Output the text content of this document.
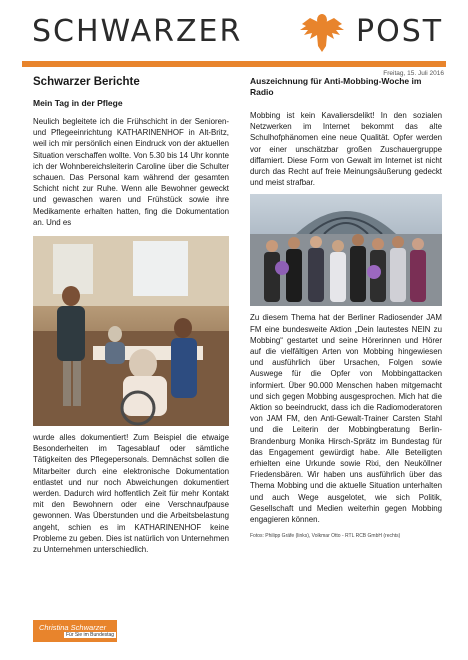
SCHWARZER	POST
Freitag, 15. Juli 2016
Schwarzer Berichte
Mein Tag in der Pflege

Neulich begleitete ich die Frühschicht in der Senioren- und Pflegeeinrichtung KATHARINENHOF in Alt-Britz, weil ich mir persönlich einen Eindruck von der aktuellen Situation verschaffen wollte. Von 5.30 bis 14 Uhr konnte ich der Wohnbereichsleiterin Caroline über die Schulter schauen. Das Personal kam während der gesamten Schicht nicht zur Ruhe. Wenn alle Bewohner geweckt und gewaschen waren und Frühstück sowie ihre Medikamente erhalten hatten, fing die Dokumentation an. Und es

wurde alles dokumentiert! Zum Beispiel die etwaige Besonderheiten im Tagesablauf oder sämtliche Tätigkeiten des Pflegepersonals. Demnächst sollen die Mitarbeiter durch eine elektronische Dokumentation entlastet und nur noch Abweichungen dokumentiert werden. Dadurch wird hoffentlich Zeit für mehr Kontakt mit den Bewohnern oder eine Verschnaufpause gewonnen. Was Überstunden und die Arbeitsbelastung angeht, schien es im KATHARINENHOF keine Probleme zu geben. Dies ist natürlich von Unternehmen zu Unternehmen unterschiedlich.

Auszeichnung für Anti-Mobbing-Woche im Radio

Mobbing ist kein Kavaliersdelikt! In den sozialen Netzwerken im Internet bekommt das alte Schulhofphänomen eine neue Qualität. Opfer werden vor einer unschätzbar großen Zuschauergruppe diffamiert. Diese Form von Gewalt im Internet ist nicht durch das Recht auf freie Meinungsäußerung gedeckt und meist strafbar.

Zu diesem Thema hat der Berliner Radiosender JAM FM eine bundesweite Aktion „Dein lautestes NEIN zu Mobbing“ gestartet und seine Hörerinnen und Hörer auf die vielfältigen Arten von Mobbing hingewiesen und ausführlich über Ursachen, Folgen sowie Auswege für die Opfer von Mobbingattacken informiert. Über 90.000 Menschen haben mitgemacht und sich gegen Mobbing ausgesprochen. Mich hat die Aktion so beeindruckt, dass ich die Radiomoderatoren von JAM FM, den Anti-Gewalt-Trainer Carsten Stahl und die Leiterin der Mobbingberatung Berlin-Brandenburg Monika Hirsch-Sprätz im Bundestag für das Engagement gewürdigt habe. Alle Beteiligten erhielten eine Urkunde sowie Rixi, den Neuköllner Friedensbären. Wir haben uns ausführlich über das Thema Mobbing und die aktuelle Situation unterhalten und auch Wege ausgelotet, wie sich Politik, Gesellschaft und Medien weiterhin gegen Mobbing engagieren können.

Fotos: Philipp Gräfe (links), Volkmar Otto - RTL RCB GmbH (rechts)

Christina Schwarzer
Für Sie im Bundestag
